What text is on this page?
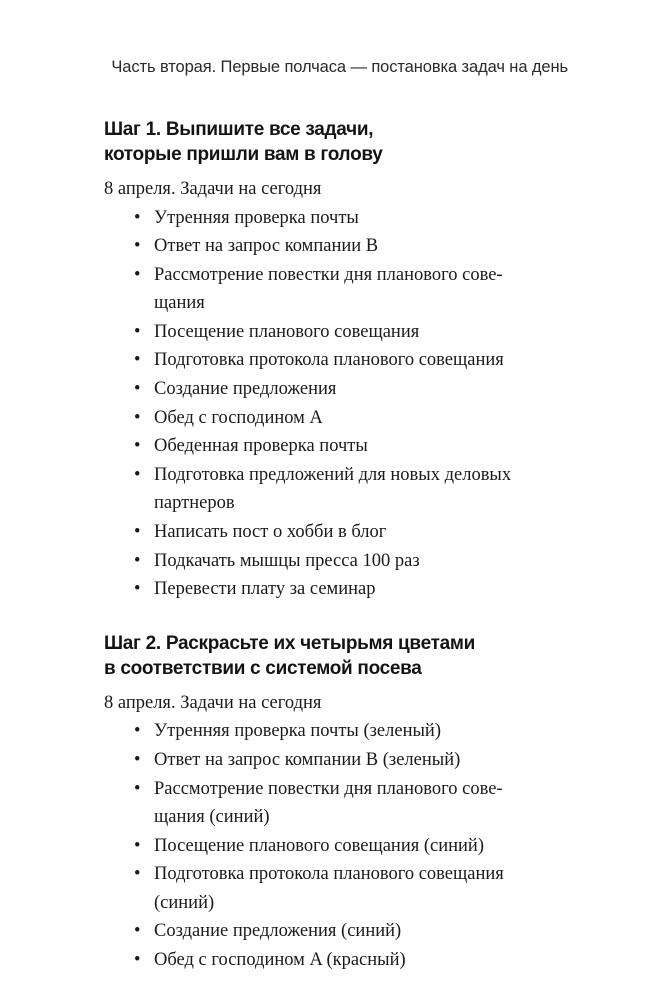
Часть вторая. Первые полчаса — постановка задач на день
Шаг 1. Выпишите все задачи,
которые пришли вам в голову
8 апреля. Задачи на сегодня
• Утренняя проверка почты
• Ответ на запрос компании B
• Рассмотрение повестки дня планового сове-
щания
• Посещение планового совещания
• Подготовка протокола планового совещания
• Создание предложения
• Обед с господином A
• Обеденная проверка почты
• Подготовка предложений для новых деловых
партнеров
• Написать пост о хобби в блог
• Подкачать мышцы пресса 100 раз
• Перевести плату за семинар
Шаг 2. Раскрасьте их четырьмя цветами
в соответствии с системой посева
8 апреля. Задачи на сегодня
• Утренняя проверка почты (зеленый)
• Ответ на запрос компании B (зеленый)
• Рассмотрение повестки дня планового сове-
щания (синий)
• Посещение планового совещания (синий)
• Подготовка протокола планового совещания
(синий)
• Создание предложения (синий)
• Обед с господином A (красный)
